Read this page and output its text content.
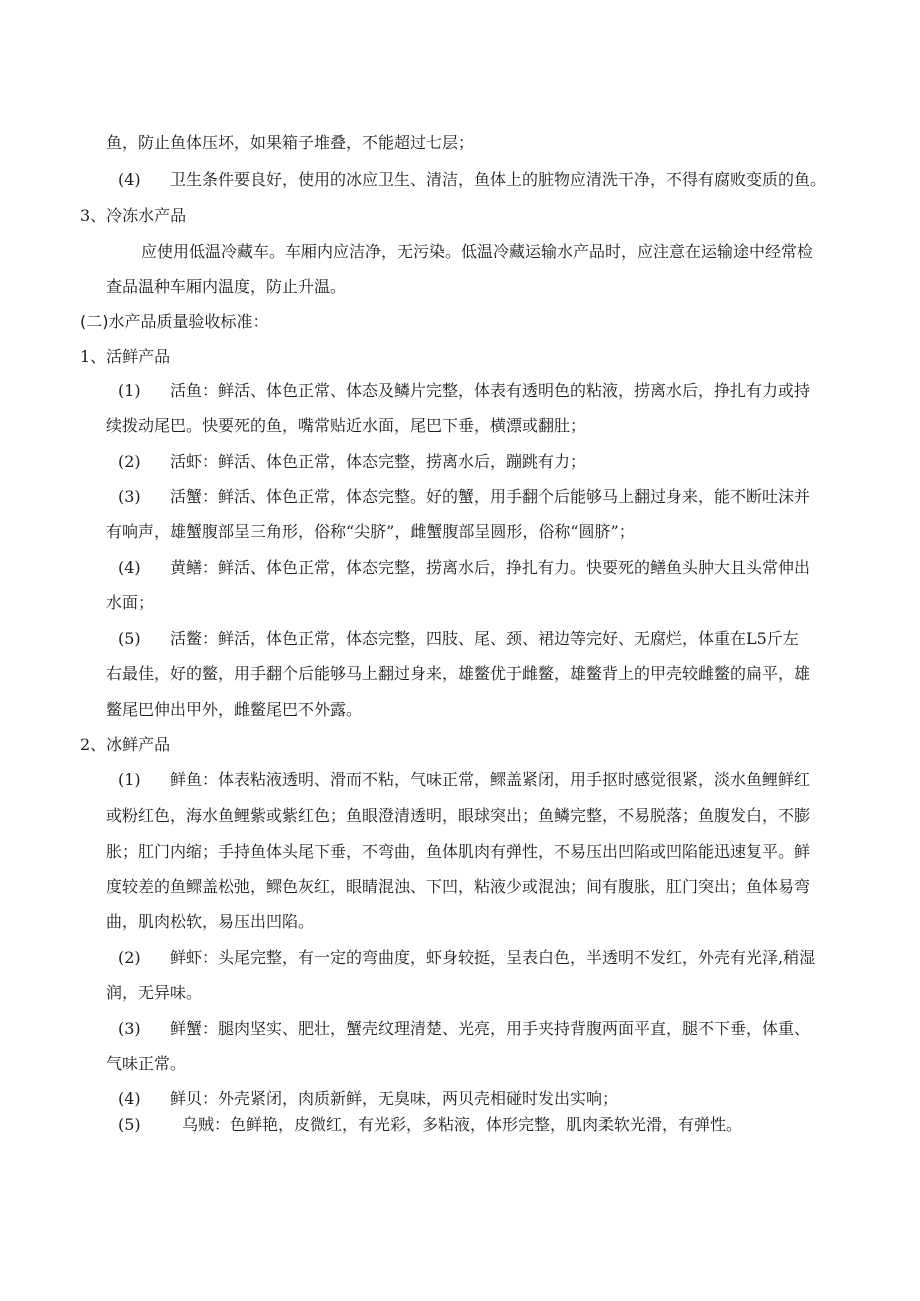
鱼，防止鱼体压坏，如果箱子堆叠，不能超过七层；
(4) 卫生条件要良好，使用的冰应卫生、清洁，鱼体上的脏物应清洗干净，不得有腐败变质的鱼。
3、冷冻水产品
应使用低温冷藏车。车厢内应洁净，无污染。低温冷藏运输水产品时，应注意在运输途中经常检
查品温种车厢内温度，防止升温。
(二)水产品质量验收标准：
1、活鲜产品
(1) 活鱼：鲜活、体色正常、体态及鳞片完整，体表有透明色的粘液，捞离水后，挣扎有力或持
续拨动尾巴。快要死的鱼，嘴常贴近水面，尾巴下垂，横漂或翻肚；
(2) 活虾：鲜活、体色正常，体态完整，捞离水后，蹦跳有力；
(3) 活蟹：鲜活、体色正常，体态完整。好的蟹，用手翻个后能够马上翻过身来，能不断吐沫并
有响声，雄蟹腹部呈三角形，俗称“尖脐”，雌蟹腹部呈圆形，俗称“圆脐”；
(4) 黄鳝：鲜活、体色正常，体态完整，捞离水后，挣扎有力。快要死的鳝鱼头肿大且头常伸出
水面；
(5) 活鳖：鲜活，体色正常，体态完整，四肢、尾、颈、裙边等完好、无腐烂，体重在L5斤左
右最佳，好的鳖，用手翻个后能够马上翻过身来，雄鳖优于雌鳖，雄鳖背上的甲壳较雌鳖的扁平，雄
鳖尾巴伸出甲外，雌鳖尾巴不外露。
2、冰鲜产品
(1) 鲜鱼：体表粘液透明、滑而不粘，气味正常，鳏盖紧闭，用手抠时感觉很紧，淡水鱼鲤鲜红
或粉红色，海水鱼鲤紫或紫红色；鱼眼澄清透明，眼球突出；鱼鳞完整，不易脱落；鱼腹发白，不膨
胀；肛门内缩；手持鱼体头尾下垂，不弯曲，鱼体肌肉有弹性，不易压出凹陷或凹陷能迅速复平。鲜
度较差的鱼鳏盖松弛，鳏色灰红，眼睛混浊、下凹，粘液少或混浊；间有腹胀，肛门突出；鱼体易弯
曲，肌肉松软，易压出凹陷。
(2) 鲜虾：头尾完整，有一定的弯曲度，虾身较挺，呈表白色，半透明不发红，外壳有光泽,稍湿
润，无异味。
(3) 鲜蟹：腿肉坚实、肥壮，蟹壳纹理清楚、光亮，用手夹持背腹两面平直，腿不下垂，体重、
气味正常。
(4) 鲜贝：外壳紧闭，肉质新鲜，无臭味，两贝壳相碰时发出实响；
(5)	乌贼：色鲜艳，皮微红，有光彩，多粘液，体形完整，肌肉柔软光滑，有弹性。
